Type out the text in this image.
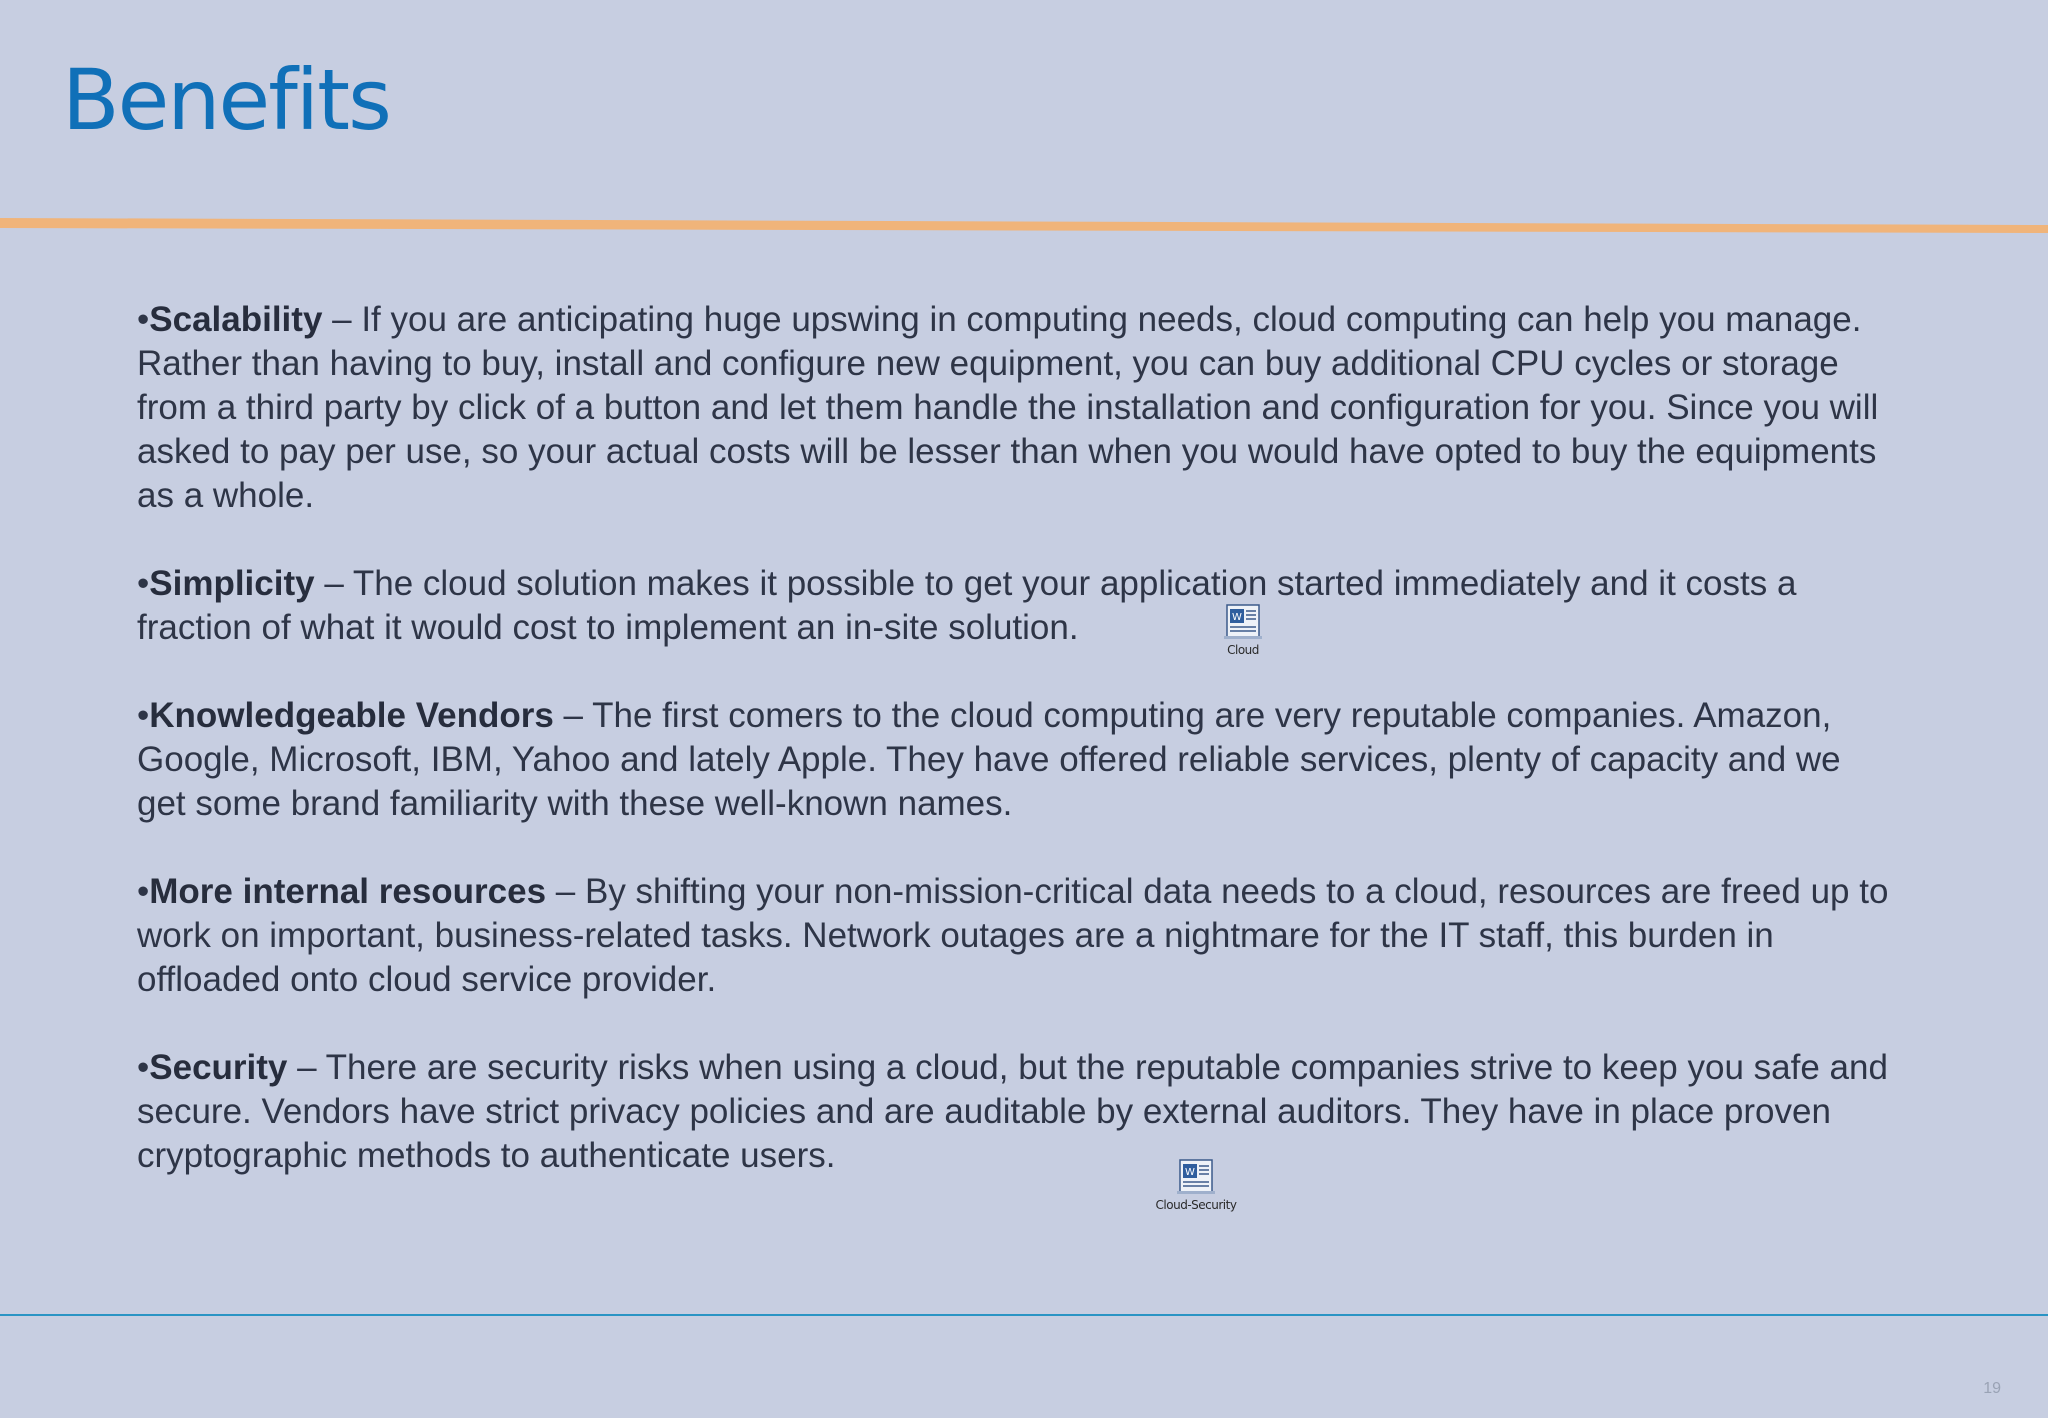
Benefits

•Scalability – If you are anticipating huge upswing in computing needs, cloud computing can help you manage. Rather than having to buy, install and configure new equipment, you can buy additional CPU cycles or storage from a third party by click of a button and let them handle the installation and configuration for you. Since you will asked to pay per use, so your actual costs will be lesser than when you would have opted to buy the equipments as a whole.

•Simplicity – The cloud solution makes it possible to get your application started immediately and it costs a fraction of what it would cost to implement an in-site solution.

•Knowledgeable Vendors – The first comers to the cloud computing are very reputable companies. Amazon, Google, Microsoft, IBM, Yahoo and lately Apple. They have offered reliable services, plenty of capacity and we get some brand familiarity with these well-known names.

•More internal resources – By shifting your non-mission-critical data needs to a cloud, resources are freed up to work on important, business-related tasks. Network outages are a nightmare for the IT staff, this burden in offloaded onto cloud service provider.

•Security – There are security risks when using a cloud, but the reputable companies strive to keep you safe and secure. Vendors have strict privacy policies and are auditable by external auditors. They have in place proven cryptographic methods to authenticate users.

W
Cloud
W
Cloud-Security
19
